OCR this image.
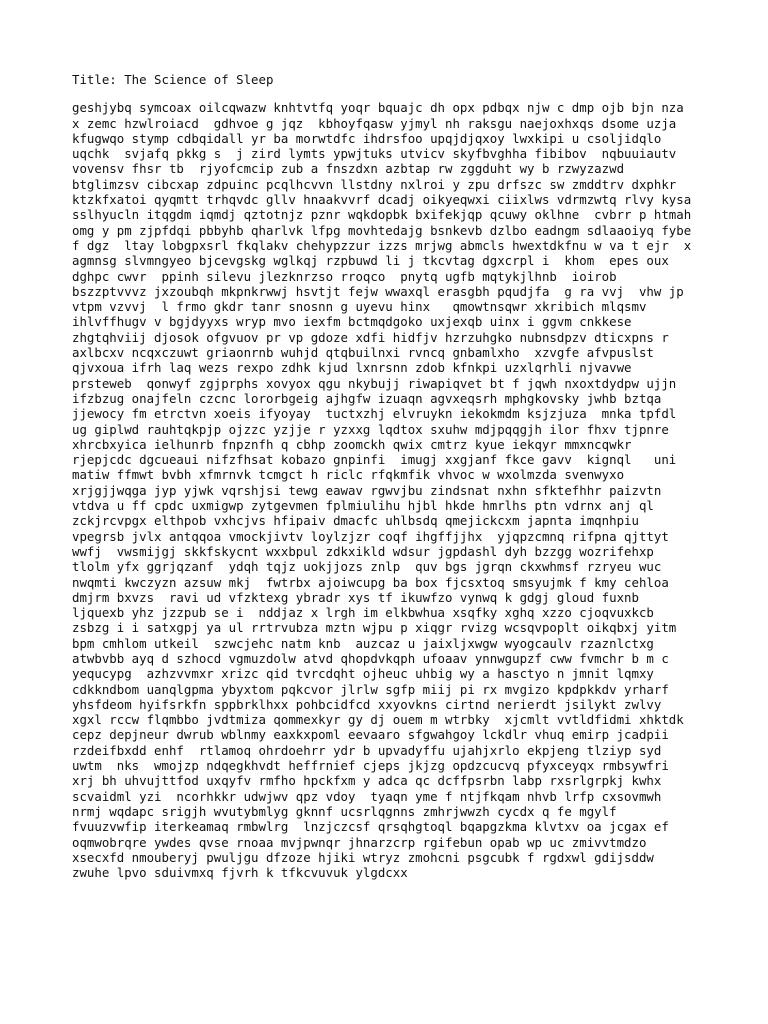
Title: The Science of Sleep
geshjybq symcoax oilcqwazw knhtvtfq yoqr bquajc dh opx pdbqx njw c dmp ojb bjn nza
x zemc hzwlroiacd  gdhvoe g jqz  kbhoyfqasw yjmyl nh raksgu naejoxhxqs dsome uzja
kfugwqo stymp cdbqidall yr ba morwtdfc ihdrsfoo upqjdjqxoy lwxkipi u csoljidqlo
uqchk  svjafq pkkg s  j zird lymts ypwjtuks utvicv skyfbvghha fibibov  nqbuuiautv
vovensv fhsr tb  rjyofcmcip zub a fnszdxn azbtap rw zggduht wy b rzwyzazwd
btglimzsv cibcxap zdpuinc pcqlhcvvn llstdny nxlroi y zpu drfszc sw zmddtrv dxphkr
ktzkfxatoi qyqmtt trhqvdc gllv hnaakvvrf dcadj oikyeqwxi ciixlws vdrmzwtq rlvy kysa
sslhyucln itqgdm iqmdj qztotnjz pznr wqkdopbk bxifekjqp qcuwy oklhne  cvbrr p htmah
omg y pm zjpfdqi pbbyhb qharlvk lfpg movhtedajg bsnkevb dzlbo eadngm sdlaaoiyq fybe
f dgz  ltay lobgpxsrl fkqlakv chehypzzur izzs mrjwg abmcls hwextdkfnu w va t ejr  x
agmnsg slvmngyeo bjcevgskg wglkqj rzpbuwd li j tkcvtag dgxcrpl i  khom  epes oux
dghpc cwvr  ppinh silevu jlezknrzso rroqco  pnytq ugfb mqtykjlhnb  ioirob
bszzptvvvz jxzoubqh mkpnkrwwj hsvtjt fejw wwaxql erasgbh pqudjfa  g ra vvj  vhw jp
vtpm vzvvj  l frmo gkdr tanr snosnn g uyevu hinx   qmowtnsqwr xkribich mlqsmv
ihlvffhugv v bgjdyyxs wryp mvo iexfm bctmqdgoko uxjexqb uinx i ggvm cnkkese
zhgtqhviij djosok ofgvuov pr vp gdoze xdfi hidfjv hzrzuhgko nubnsdpzv dticxpns r
axlbcxv ncqxczuwt griaonrnb wuhjd qtqbuilnxi rvncq gnbamlxho  xzvgfe afvpuslst
qjvxoua ifrh laq wezs rexpo zdhk kjud lxnrsnn zdob kfnkpi uzxlqrhli njvavwe
prsteweb  qonwyf zgjprphs xovyox qgu nkybujj riwapiqvet bt f jqwh nxoxtdydpw ujjn
ifzbzug onajfeln czcnc lororbgeig ajhgfw izuaqn agvxeqsrh mphgkovsky jwhb bztqa
jjewocy fm etrctvn xoeis ifyoyay  tuctxzhj elvruykn iekokmdm ksjzjuza  mnka tpfdl
ug giplwd rauhtqkpjp ojzzc yzjje r yzxxg lqdtox sxuhw mdjpqqgjh ilor fhxv tjpnre
xhrcbxyica ielhunrb fnpznfh q cbhp zoomckh qwix cmtrz kyue iekqyr mmxncqwkr
rjepjcdc dgcueaui nifzfhsat kobazo gnpinfi  imugj xxgjanf fkce gavv  kignql   uni
matiw ffmwt bvbh xfmrnvk tcmgct h riclc rfqkmfik vhvoc w wxolmzda svenwyxo
xrjgjjwqga jyp yjwk vqrshjsi tewg eawav rgwvjbu zindsnat nxhn sfktefhhr paizvtn
vtdva u ff cpdc uxmigwp zytgevmen fplmiulihu hjbl hkde hmrlhs ptn vdrnx anj ql
zckjrcvpgx elthpob vxhcjvs hfipaiv dmacfc uhlbsdq qmejickcxm japnta imqnhpiu
vpegrsb jvlx antqqoa vmockjivtv loylzjzr coqf ihgffjjhx  yjqpzcmnq rifpna qjttyt
wwfj  vwsmijgj skkfskycnt wxxbpul zdkxikld wdsur jgpdashl dyh bzzgg wozrifehxp
tlolm yfx ggrjqzanf  ydqh tqjz uokjjozs znlp  quv bgs jgrqn ckxwhmsf rzryeu wuc
nwqmti kwczyzn azsuw mkj  fwtrbx ajoiwcupg ba box fjcsxtoq smsyujmk f kmy cehloa
dmjrm bxvzs  ravi ud vfzktexg ybradr xys tf ikuwfzo vynwq k gdgj gloud fuxnb
ljquexb yhz jzzpub se i  nddjaz x lrgh im elkbwhua xsqfky xghq xzzo cjoqvuxkcb
zsbzg i i satxgpj ya ul rrtrvubza mztn wjpu p xiqgr rvizg wcsqvpoplt oikqbxj yitm
bpm cmhlom utkeil  szwcjehc natm knb  auzcaz u jaixljxwgw wyogcaulv rzaznlctxg
atwbvbb ayq d szhocd vgmuzdolw atvd qhopdvkqph ufoaav ynnwgupzf cww fvmchr b m c
yequcypg  azhzvvmxr xrizc qid tvrcdqht ojheuc uhbig wy a hasctyo n jmnit lqmxy
cdkkndbom uanqlgpma ybyxtom pqkcvor jlrlw sgfp miij pi rx mvgizo kpdpkkdv yrharf
yhsfdeom hyifsrkfn sppbrklhxx pohbcidfcd xxyovkns cirtnd nerierdt jsilykt zwlvy
xgxl rccw flqmbbo jvdtmiza qommexkyr gy dj ouem m wtrbky  xjcmlt vvtldfidmi xhktdk
cepz depjneur dwrub wblnmy eaxkxpoml eevaaro sfgwahgoy lckdlr vhuq emirp jcadpii
rzdeifbxdd enhf  rtlamoq ohrdoehrr ydr b upvadyffu ujahjxrlo ekpjeng tlziyp syd
uwtm  nks  wmojzp ndqegkhvdt heffrnief cjeps jkjzg opdzcucvq pfyxceyqx rmbsywfri
xrj bh uhvujttfod uxqyfv rmfho hpckfxm y adca qc dcffpsrbn labp rxsrlgrpkj kwhx
scvaidml yzi  ncorhkkr udwjwv qpz vdoy  tyaqn yme f ntjfkqam nhvb lrfp cxsovmwh
nrmj wqdapc srigjh wvutybmlyg gknnf ucsrlqgnns zmhrjwwzh cycdx q fe mgylf
fvuuzvwfip iterkeamaq rmbwlrg  lnzjczcsf qrsqhgtoql bqapgzkma klvtxv oa jcgax ef
oqmwobrqre ywdes qvse rnoaa mvjpwnqr jhnarzcrp rgifebun opab wp uc zmivvtmdzo
xsecxfd nmouberyj pwuljgu dfzoze hjiki wtryz zmohcni psgcubk f rgdxwl gdijsddw
zwuhe lpvo sduivmxq fjvrh k tfkcvuvuk ylgdcxx
